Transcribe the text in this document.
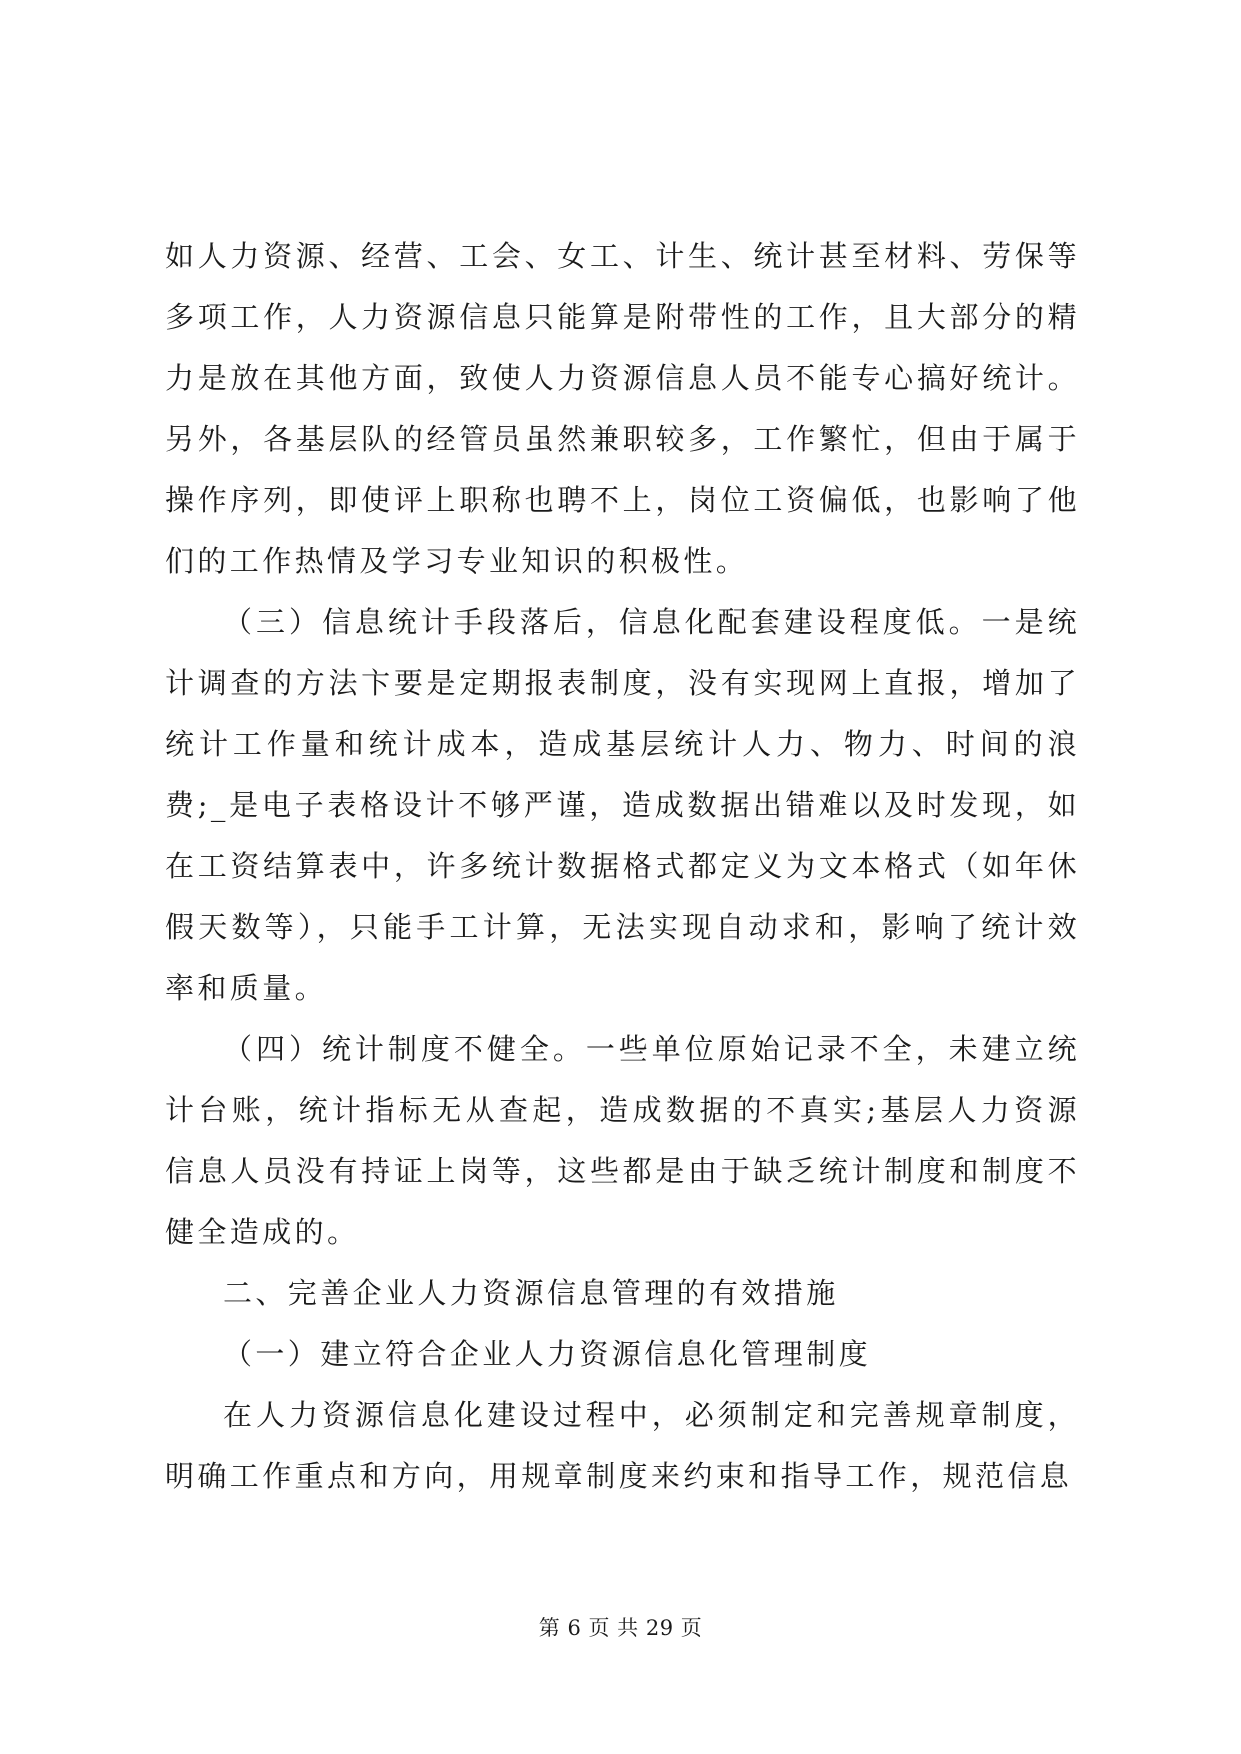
如人力资源、经营、工会、女工、计生、统计甚至材料、劳保等多项工作，人力资源信息只能算是附带性的工作，且大部分的精力是放在其他方面，致使人力资源信息人员不能专心搞好统计。另外，各基层队的经管员虽然兼职较多，工作繁忙，但由于属于操作序列，即使评上职称也聘不上，岗位工资偏低，也影响了他们的工作热情及学习专业知识的积极性。

（三）信息统计手段落后，信息化配套建设程度低。一是统计调查的方法卞要是定期报表制度，没有实现网上直报，增加了统计工作量和统计成本，造成基层统计人力、物力、时间的浪费;_是电子表格设计不够严谨，造成数据出错难以及时发现，如在工资结算表中，许多统计数据格式都定义为文本格式（如年休假天数等），只能手工计算，无法实现自动求和，影响了统计效率和质量。

（四）统计制度不健全。一些单位原始记录不全，未建立统计台账，统计指标无从查起，造成数据的不真实;基层人力资源信息人员没有持证上岗等，这些都是由于缺乏统计制度和制度不健全造成的。

二、完善企业人力资源信息管理的有效措施

（一）建立符合企业人力资源信息化管理制度

在人力资源信息化建设过程中，必须制定和完善规章制度，明确工作重点和方向，用规章制度来约束和指导工作，规范信息

第 6 页 共 29 页
